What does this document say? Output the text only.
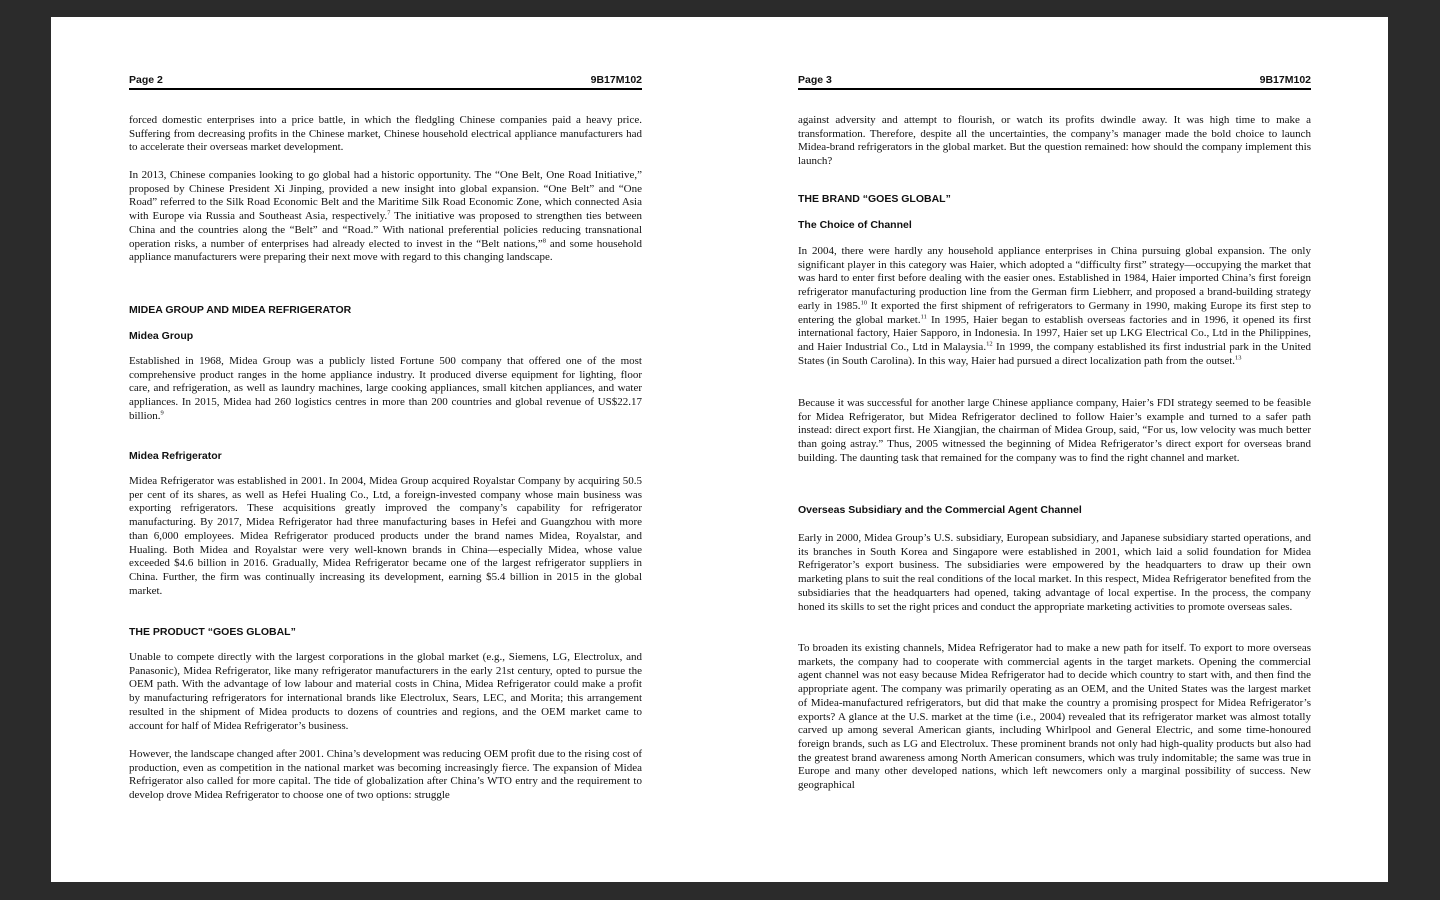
Page 2	9B17M102

forced domestic enterprises into a price battle, in which the fledgling Chinese companies paid a heavy price. Suffering from decreasing profits in the Chinese market, Chinese household electrical appliance manufacturers had to accelerate their overseas market development.

In 2013, Chinese companies looking to go global had a historic opportunity. The “One Belt, One Road Initiative,” proposed by Chinese President Xi Jinping, provided a new insight into global expansion. “One Belt” and “One Road” referred to the Silk Road Economic Belt and the Maritime Silk Road Economic Zone, which connected Asia with Europe via Russia and Southeast Asia, respectively.$^7$ The initiative was proposed to strengthen ties between China and the countries along the “Belt” and “Road.” With national preferential policies reducing transnational operation risks, a number of enterprises had already elected to invest in the “Belt nations,”$^8$ and some household appliance manufacturers were preparing their next move with regard to this changing landscape.

MIDEA GROUP AND MIDEA REFRIGERATOR
Midea Group

Established in 1968, Midea Group was a publicly listed Fortune 500 company that offered one of the most comprehensive product ranges in the home appliance industry. It produced diverse equipment for lighting, floor care, and refrigeration, as well as laundry machines, large cooking appliances, small kitchen appliances, and water appliances. In 2015, Midea had 260 logistics centres in more than 200 countries and global revenue of US$22.17 billion.$^9$

Midea Refrigerator

Midea Refrigerator was established in 2001. In 2004, Midea Group acquired Royalstar Company by acquiring 50.5 per cent of its shares, as well as Hefei Hualing Co., Ltd, a foreign-invested company whose main business was exporting refrigerators. These acquisitions greatly improved the company’s capability for refrigerator manufacturing. By 2017, Midea Refrigerator had three manufacturing bases in Hefei and Guangzhou with more than 6,000 employees. Midea Refrigerator produced products under the brand names Midea, Royalstar, and Hualing. Both Midea and Royalstar were very well-known brands in China—especially Midea, whose value exceeded $4.6 billion in 2016. Gradually, Midea Refrigerator became one of the largest refrigerator suppliers in China. Further, the firm was continually increasing its development, earning $5.4 billion in 2015 in the global market.

THE PRODUCT “GOES GLOBAL”

Unable to compete directly with the largest corporations in the global market (e.g., Siemens, LG, Electrolux, and Panasonic), Midea Refrigerator, like many refrigerator manufacturers in the early 21st century, opted to pursue the OEM path. With the advantage of low labour and material costs in China, Midea Refrigerator could make a profit by manufacturing refrigerators for international brands like Electrolux, Sears, LEC, and Morita; this arrangement resulted in the shipment of Midea products to dozens of countries and regions, and the OEM market came to account for half of Midea Refrigerator’s business.

However, the landscape changed after 2001. China’s development was reducing OEM profit due to the rising cost of production, even as competition in the national market was becoming increasingly fierce. The expansion of Midea Refrigerator also called for more capital. The tide of globalization after China’s WTO entry and the requirement to develop drove Midea Refrigerator to choose one of two options: struggle

Page 3	9B17M102

against adversity and attempt to flourish, or watch its profits dwindle away. It was high time to make a transformation. Therefore, despite all the uncertainties, the company’s manager made the bold choice to launch Midea-brand refrigerators in the global market. But the question remained: how should the company implement this launch?

THE BRAND “GOES GLOBAL”
The Choice of Channel

In 2004, there were hardly any household appliance enterprises in China pursuing global expansion. The only significant player in this category was Haier, which adopted a “difficulty first” strategy—occupying the market that was hard to enter first before dealing with the easier ones. Established in 1984, Haier imported China’s first foreign refrigerator manufacturing production line from the German firm Liebherr, and proposed a brand-building strategy early in 1985.10 It exported the first shipment of refrigerators to Germany in 1990, making Europe its first step to entering the global market.$^{11}$ In 1995, Haier began to establish overseas factories and in 1996, it opened its first international factory, Haier Sapporo, in Indonesia. In 1997, Haier set up LKG Electrical Co., Ltd in the Philippines, and Haier Industrial Co., Ltd in Malaysia.$^{12}$ In 1999, the company established its first industrial park in the United States (in South Carolina). In this way, Haier had pursued a direct localization path from the outset.$^{13}$

Because it was successful for another large Chinese appliance company, Haier’s FDI strategy seemed to be feasible for Midea Refrigerator, but Midea Refrigerator declined to follow Haier’s example and turned to a safer path instead: direct export first. He Xiangjian, the chairman of Midea Group, said, “For us, low velocity was much better than going astray.” Thus, 2005 witnessed the beginning of Midea Refrigerator’s direct export for overseas brand building. The daunting task that remained for the company was to find the right channel and market.

Overseas Subsidiary and the Commercial Agent Channel

Early in 2000, Midea Group’s U.S. subsidiary, European subsidiary, and Japanese subsidiary started operations, and its branches in South Korea and Singapore were established in 2001, which laid a solid foundation for Midea Refrigerator’s export business. The subsidiaries were empowered by the headquarters to draw up their own marketing plans to suit the real conditions of the local market. In this respect, Midea Refrigerator benefited from the subsidiaries that the headquarters had opened, taking advantage of local expertise. In the process, the company honed its skills to set the right prices and conduct the appropriate marketing activities to promote overseas sales.

To broaden its existing channels, Midea Refrigerator had to make a new path for itself. To export to more overseas markets, the company had to cooperate with commercial agents in the target markets. Opening the commercial agent channel was not easy because Midea Refrigerator had to decide which country to start with, and then find the appropriate agent. The company was primarily operating as an OEM, and the United States was the largest market of Midea-manufactured refrigerators, but did that make the country a promising prospect for Midea Refrigerator’s exports? A glance at the U.S. market at the time (i.e., 2004) revealed that its refrigerator market was almost totally carved up among several American giants, including Whirlpool and General Electric, and some time-honoured foreign brands, such as LG and Electrolux. These prominent brands not only had high-quality products but also had the greatest brand awareness among North American consumers, which was truly indomitable; the same was true in Europe and many other developed nations, which left newcomers only a marginal possibility of success. New geographical
